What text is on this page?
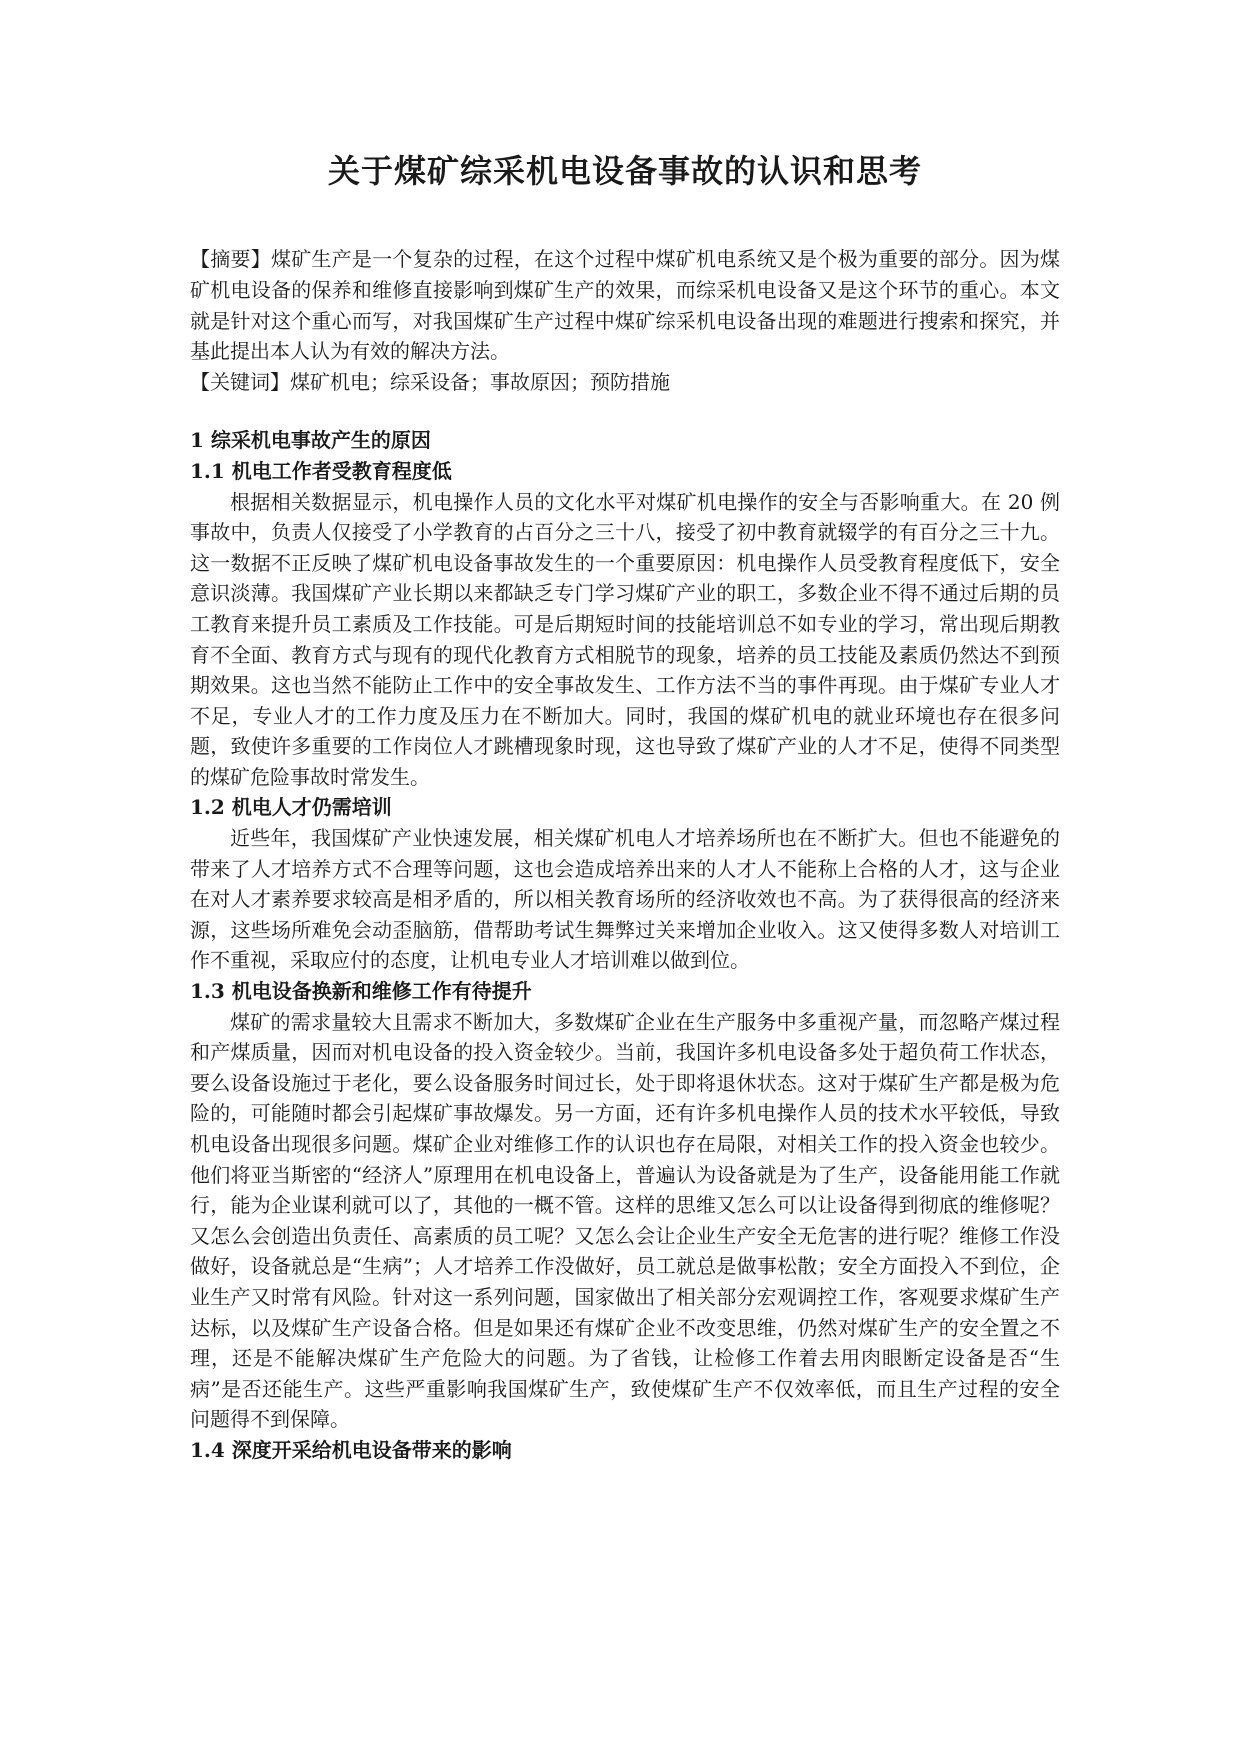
关于煤矿综采机电设备事故的认识和思考

【摘要】煤矿生产是一个复杂的过程，在这个过程中煤矿机电系统又是个极为重要的部分。因为煤矿机电设备的保养和维修直接影响到煤矿生产的效果，而综采机电设备又是这个环节的重心。本文就是针对这个重心而写，对我国煤矿生产过程中煤矿综采机电设备出现的难题进行搜索和探究，并基此提出本人认为有效的解决方法。

【关键词】煤矿机电；综采设备；事故原因；预防措施

1 综采机电事故产生的原因
1.1 机电工作者受教育程度低

根据相关数据显示，机电操作人员的文化水平对煤矿机电操作的安全与否影响重大。在 20 例事故中，负责人仅接受了小学教育的占百分之三十八，接受了初中教育就辍学的有百分之三十九。这一数据不正反映了煤矿机电设备事故发生的一个重要原因：机电操作人员受教育程度低下，安全意识淡薄。我国煤矿产业长期以来都缺乏专门学习煤矿产业的职工，多数企业不得不通过后期的员工教育来提升员工素质及工作技能。可是后期短时间的技能培训总不如专业的学习，常出现后期教育不全面、教育方式与现有的现代化教育方式相脱节的现象，培养的员工技能及素质仍然达不到预期效果。这也当然不能防止工作中的安全事故发生、工作方法不当的事件再现。由于煤矿专业人才不足，专业人才的工作力度及压力在不断加大。同时，我国的煤矿机电的就业环境也存在很多问题，致使许多重要的工作岗位人才跳槽现象时现，这也导致了煤矿产业的人才不足，使得不同类型的煤矿危险事故时常发生。

1.2 机电人才仍需培训

近些年，我国煤矿产业快速发展，相关煤矿机电人才培养场所也在不断扩大。但也不能避免的带来了人才培养方式不合理等问题，这也会造成培养出来的人才人不能称上合格的人才，这与企业在对人才素养要求较高是相矛盾的，所以相关教育场所的经济收效也不高。为了获得很高的经济来源，这些场所难免会动歪脑筋，借帮助考试生舞弊过关来增加企业收入。这又使得多数人对培训工作不重视，采取应付的态度，让机电专业人才培训难以做到位。

1.3 机电设备换新和维修工作有待提升

煤矿的需求量较大且需求不断加大，多数煤矿企业在生产服务中多重视产量，而忽略产煤过程和产煤质量，因而对机电设备的投入资金较少。当前，我国许多机电设备多处于超负荷工作状态，要么设备设施过于老化，要么设备服务时间过长，处于即将退休状态。这对于煤矿生产都是极为危险的，可能随时都会引起煤矿事故爆发。另一方面，还有许多机电操作人员的技术水平较低，导致机电设备出现很多问题。煤矿企业对维修工作的认识也存在局限，对相关工作的投入资金也较少。他们将亚当斯密的“经济人”原理用在机电设备上，普遍认为设备就是为了生产，设备能用能工作就行，能为企业谋利就可以了，其他的一概不管。这样的思维又怎么可以让设备得到彻底的维修呢？又怎么会创造出负责任、高素质的员工呢？又怎么会让企业生产安全无危害的进行呢？维修工作没做好，设备就总是“生病”；人才培养工作没做好，员工就总是做事松散；安全方面投入不到位，企业生产又时常有风险。针对这一系列问题，国家做出了相关部分宏观调控工作，客观要求煤矿生产达标，以及煤矿生产设备合格。但是如果还有煤矿企业不改变思维，仍然对煤矿生产的安全置之不理，还是不能解决煤矿生产危险大的问题。为了省钱，让检修工作着去用肉眼断定设备是否“生病”是否还能生产。这些严重影响我国煤矿生产，致使煤矿生产不仅效率低，而且生产过程的安全问题得不到保障。

1.4 深度开采给机电设备带来的影响
